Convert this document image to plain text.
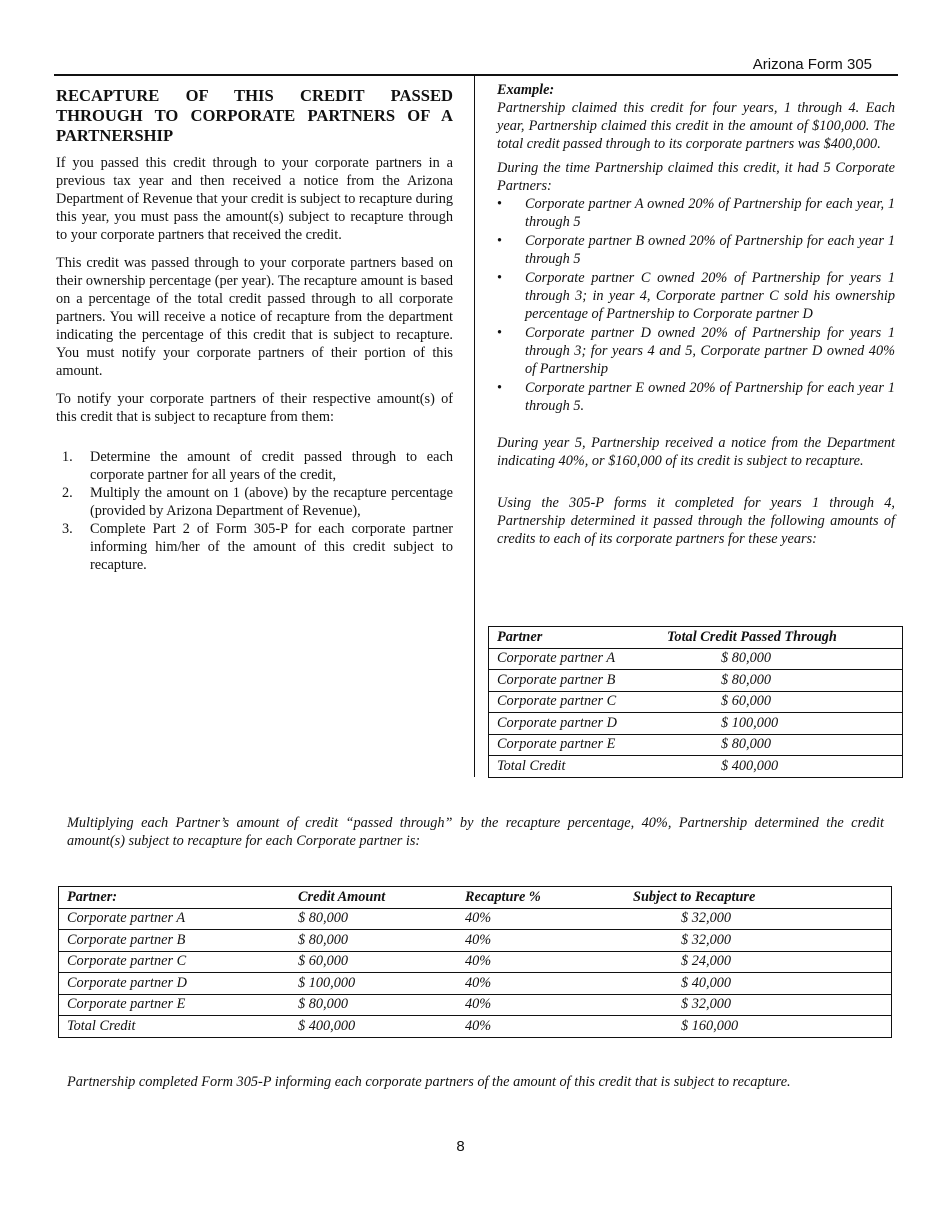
Arizona Form 305
RECAPTURE OF THIS CREDIT PASSED THROUGH TO CORPORATE PARTNERS OF A PARTNERSHIP

If you passed this credit through to your corporate partners in a previous tax year and then received a notice from the Arizona Department of Revenue that your credit is subject to recapture during this year, you must pass the amount(s) subject to recapture through to your corporate partners that received the credit.

This credit was passed through to your corporate partners based on their ownership percentage (per year). The recapture amount is based on a percentage of the total credit passed through to all corporate partners. You will receive a notice of recapture from the department indicating the percentage of this credit that is subject to recapture. You must notify your corporate partners of their portion of this amount.

To notify your corporate partners of their respective amount(s) of this credit that is subject to recapture from them:

1. Determine the amount of credit passed through to each corporate partner for all years of the credit,
2. Multiply the amount on 1 (above) by the recapture percentage (provided by Arizona Department of Revenue),
3. Complete Part 2 of Form 305-P for each corporate partner informing him/her of the amount of this credit subject to recapture.

Example:

Partnership claimed this credit for four years, 1 through 4. Each year, Partnership claimed this credit in the amount of $100,000. The total credit passed through to its corporate partners was $400,000.

During the time Partnership claimed this credit, it had 5 Corporate Partners:

• Corporate partner A owned 20% of Partnership for each year, 1 through 5
• Corporate partner B owned 20% of Partnership for each year 1 through 5
• Corporate partner C owned 20% of Partnership for years 1 through 3; in year 4, Corporate partner C sold his ownership percentage of Partnership to Corporate partner D
• Corporate partner D owned 20% of Partnership for years 1 through 3; for years 4 and 5, Corporate partner D owned 40% of Partnership
• Corporate partner E owned 20% of Partnership for each year 1 through 5.

During year 5, Partnership received a notice from the Department indicating 40%, or $160,000 of its credit is subject to recapture.

Using the 305-P forms it completed for years 1 through 4, Partnership determined it passed through the following amounts of credits to each of its corporate partners for these years:

Partner	Total Credit Passed Through
Corporate partner A	$ 80,000
Corporate partner B	$ 80,000
Corporate partner C	$ 60,000
Corporate partner D	$ 100,000
Corporate partner E	$ 80,000
Total Credit	$ 400,000

Multiplying each Partner’s amount of credit “passed through” by the recapture percentage, 40%, Partnership determined the credit amount(s) subject to recapture for each Corporate partner is:

Partner:	Credit Amount	Recapture %	Subject to Recapture
Corporate partner A	$ 80,000	40%	$ 32,000
Corporate partner B	$ 80,000	40%	$ 32,000
Corporate partner C	$ 60,000	40%	$ 24,000
Corporate partner D	$ 100,000	40%	$ 40,000
Corporate partner E	$ 80,000	40%	$ 32,000
Total Credit	$ 400,000	40%	$ 160,000

Partnership completed Form 305-P informing each corporate partners of the amount of this credit that is subject to recapture.

8
